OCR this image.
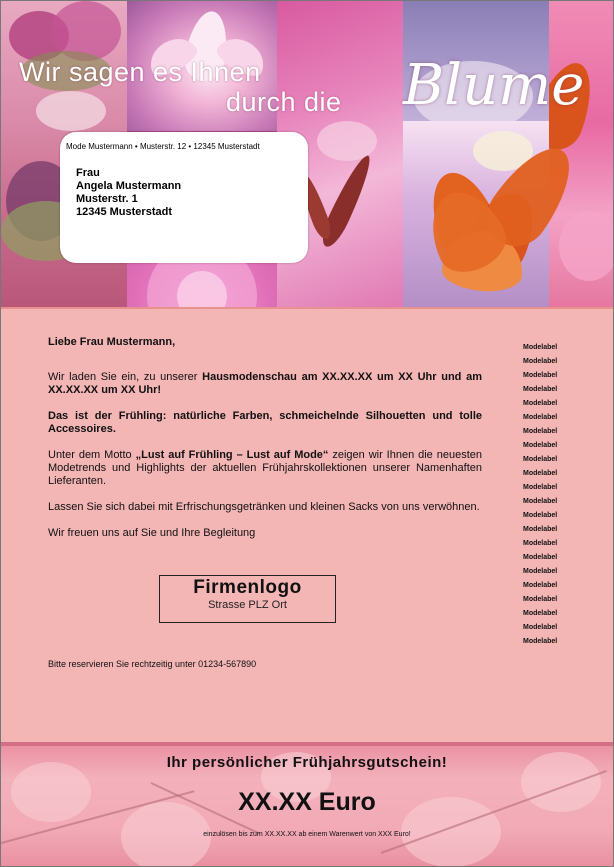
Wir sagen es Ihnen
durch die Blume
Mode Mustermann • Musterstr. 12 • 12345 Musterstadt
Frau
Angela Mustermann
Musterstr. 1
12345 Musterstadt
Liebe Frau Mustermann,

Wir laden Sie ein, zu unserer Hausmodenschau am XX.XX.XX um XX Uhr und am XX.XX.XX um XX Uhr!

Das ist der Frühling: natürliche Farben, schmeichelnde Silhouetten und tolle Accessoires.

Unter dem Motto „Lust auf Frühling – Lust auf Mode“ zeigen wir Ihnen die neuesten Modetrends und Highlights der aktuellen Frühjahrskollektionen unserer Namenhaften Lieferanten.

Lassen Sie sich dabei mit Erfrischungsgetränken und kleinen Sacks von uns verwöhnen.

Wir freuen uns auf Sie und Ihre Begleitung

Firmenlogo
Strasse PLZ Ort
Bitte reservieren Sie rechtzeitig unter 01234-567890
Modelabel
Modelabel
Modelabel
Modelabel
Modelabel
Modelabel
Modelabel
Modelabel
Modelabel
Modelabel
Modelabel
Modelabel
Modelabel
Modelabel
Modelabel
Modelabel
Modelabel
Modelabel
Modelabel
Modelabel
Modelabel
Modelabel
Ihr persönlicher Frühjahrsgutschein!
XX.XX Euro
einzulösen bis zum XX.XX.XX ab einem Warenwert von XXX Euro!
